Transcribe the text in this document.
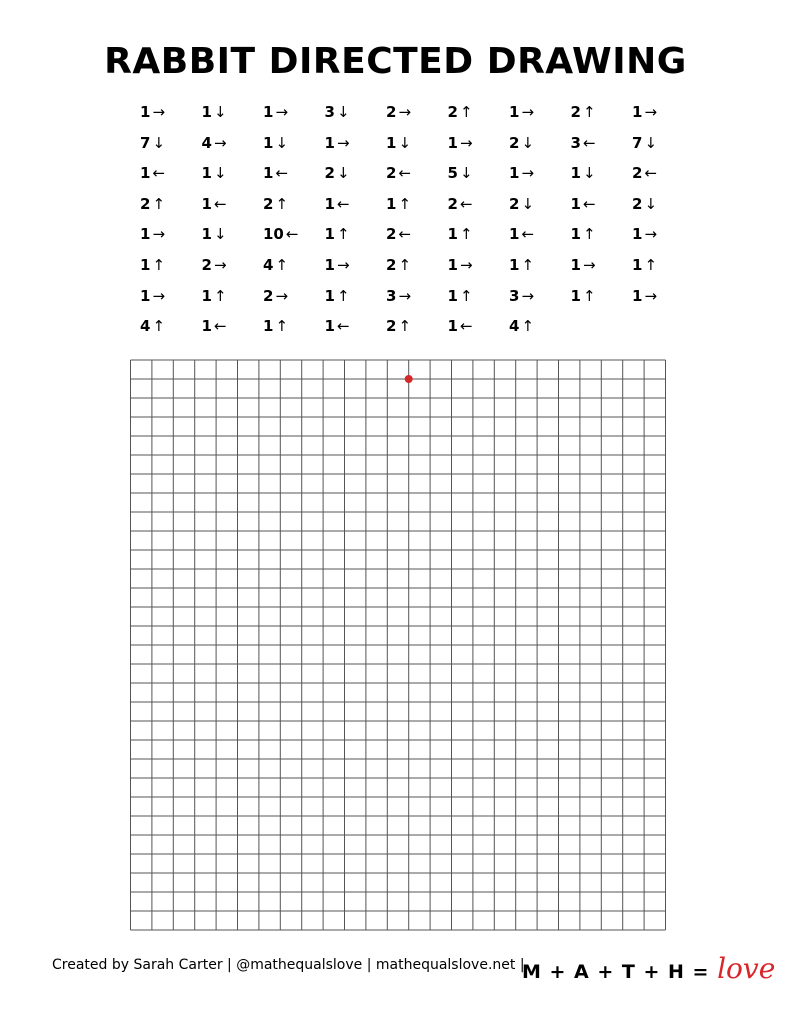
RABBIT DIRECTED DRAWING
1 → 1 ↓ 1 → 3 ↓ 2 → 2 ↑ 1 → 2 ↑ 1 →
7 ↓ 4 → 1 ↓ 1 → 1 ↓ 1 → 2 ↓ 3 ← 7 ↓
1 ← 1 ↓ 1 ← 2 ↓ 2 ← 5 ↓ 1 → 1 ↓ 2 ←
2 ↑ 1 ← 2 ↑ 1 ← 1 ↑ 2 ← 2 ↓ 1 ← 2 ↓
1 → 1 ↓ 10 ← 1 ↑ 2 ← 1 ↑ 1 ← 1 ↑ 1 →
1 ↑ 2 → 4 ↑ 1 → 2 ↑ 1 → 1 ↑ 1 → 1 ↑
1 → 1 ↑ 2 → 1 ↑ 3 → 1 ↑ 3 → 1 ↑ 1 →
4 ↑ 1 ← 1 ↑ 1 ← 2 ↑ 1 ← 4 ↑
Created by Sarah Carter | @mathequalslove | mathequalslove.net |
M + A + T + H = love
